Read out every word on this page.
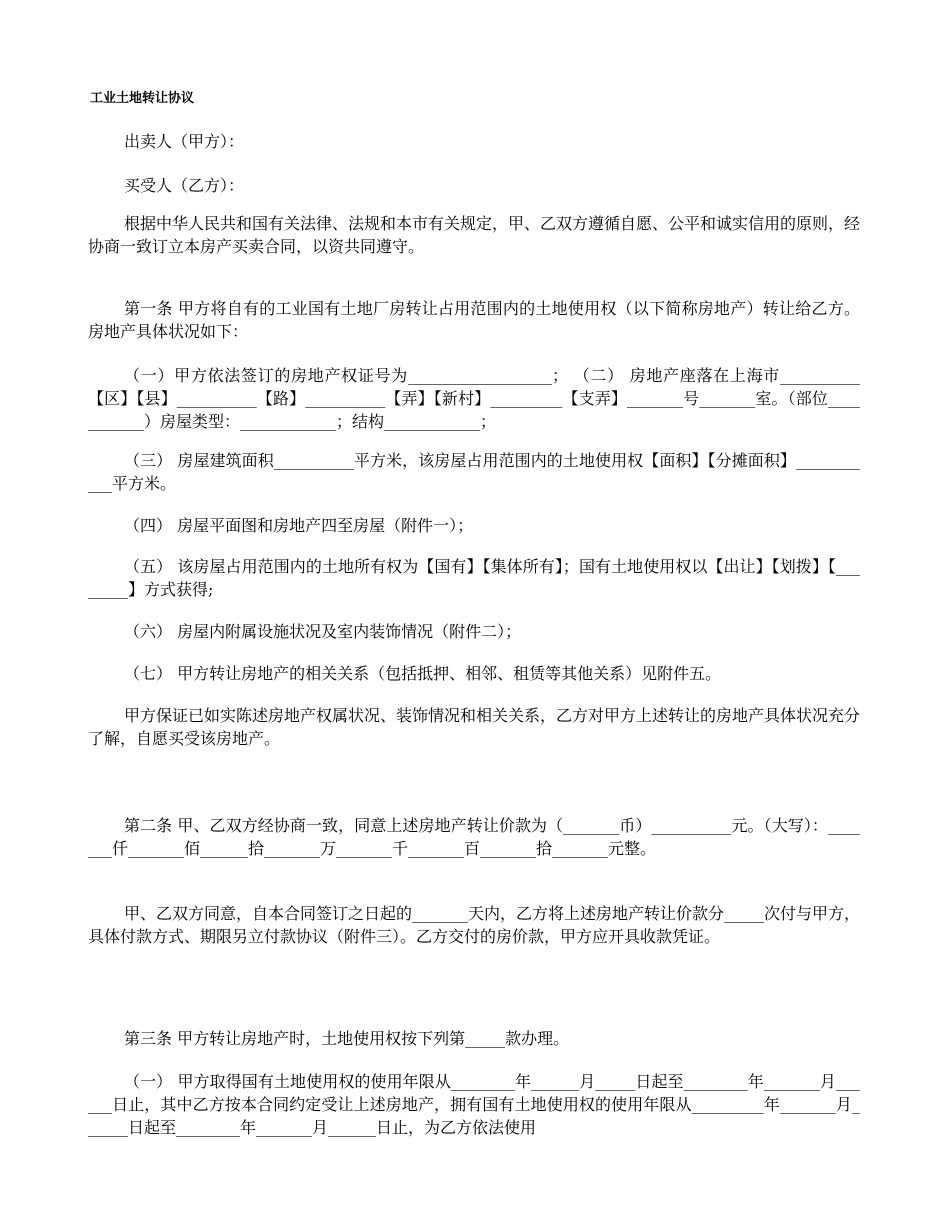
工业土地转让协议
出卖人（甲方）：
买受人（乙方）：
根据中华人民共和国有关法律、法规和本市有关规定，甲、乙双方遵循自愿、公平和诚实信用的原则，经协商一致订立本房产买卖合同，以资共同遵守。
第一条 甲方将自有的工业国有土地厂房转让占用范围内的土地使用权（以下简称房地产）转让给乙方。房地产具体状况如下：
（一）甲方依法签订的房地产权证号为__________________； （二） 房地产座落在上海市__________【区】【县】__________【路】__________【弄】【新村】_________【支弄】_______号_______室。（部位___________）房屋类型：____________；结构____________；
（三） 房屋建筑面积__________平方米，该房屋占用范围内的土地使用权【面积】【分摊面积】___________平方米。
（四） 房屋平面图和房地产四至房屋（附件一）；
（五） 该房屋占用范围内的土地所有权为【国有】【集体所有】；国有土地使用权以【出让】【划拨】【________】方式获得;
（六） 房屋内附属设施状况及室内装饰情况（附件二）；
（七） 甲方转让房地产的相关关系（包括抵押、相邻、租赁等其他关系）见附件五。
甲方保证已如实陈述房地产权属状况、装饰情况和相关关系，乙方对甲方上述转让的房地产具体状况充分了解，自愿买受该房地产。
第二条 甲、乙双方经协商一致，同意上述房地产转让价款为（_______币）__________元。（大写）：_______仟_______佰______拾_______万_______千_______百_______拾_______元整。
甲、乙双方同意，自本合同签订之日起的_______天内，乙方将上述房地产转让价款分_____次付与甲方，具体付款方式、期限另立付款协议（附件三）。乙方交付的房价款，甲方应开具收款凭证。
第三条 甲方转让房地产时，土地使用权按下列第_____款办理。
（一） 甲方取得国有土地使用权的使用年限从________年______月_____日起至________年_______月______日止，其中乙方按本合同约定受让上述房地产，拥有国有土地使用权的使用年限从_________年_______月______日起至________年_______月______日止，为乙方依法使用
